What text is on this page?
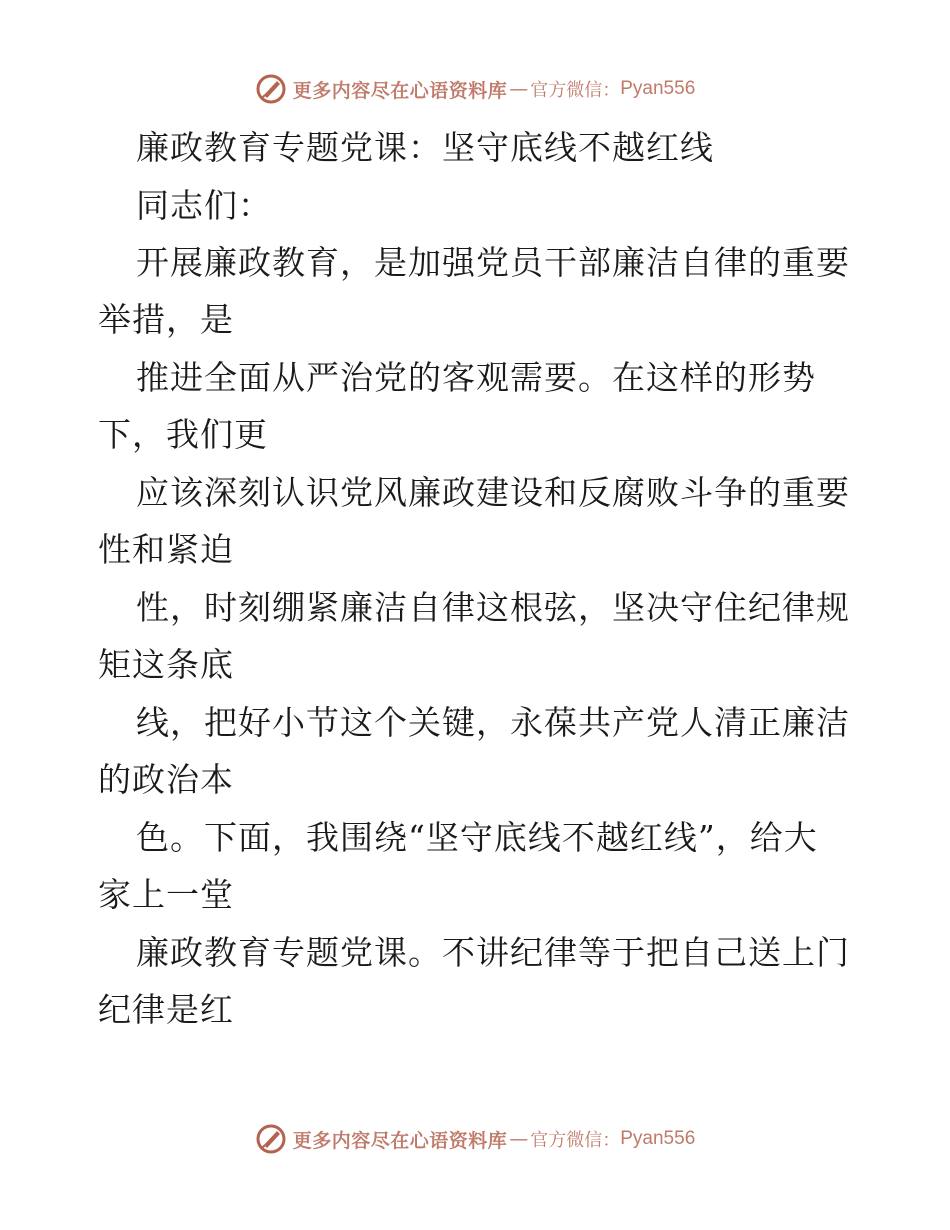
更多内容尽在心语资料库 — 官方微信： Pyan556
廉政教育专题党课：坚守底线不越红线
同志们：
开展廉政教育，是加强党员干部廉洁自律的重要
举措，是
推进全面从严治党的客观需要。在这样的形势
下，我们更
应该深刻认识党风廉政建设和反腐败斗争的重要
性和紧迫
性，时刻绷紧廉洁自律这根弦，坚决守住纪律规
矩这条底
线，把好小节这个关键，永葆共产党人清正廉洁
的政治本
色。下面，我围绕“坚守底线不越红线”，给大
家上一堂
廉政教育专题党课。不讲纪律等于把自己送上门
纪律是红
更多内容尽在心语资料库 — 官方微信： Pyan556
